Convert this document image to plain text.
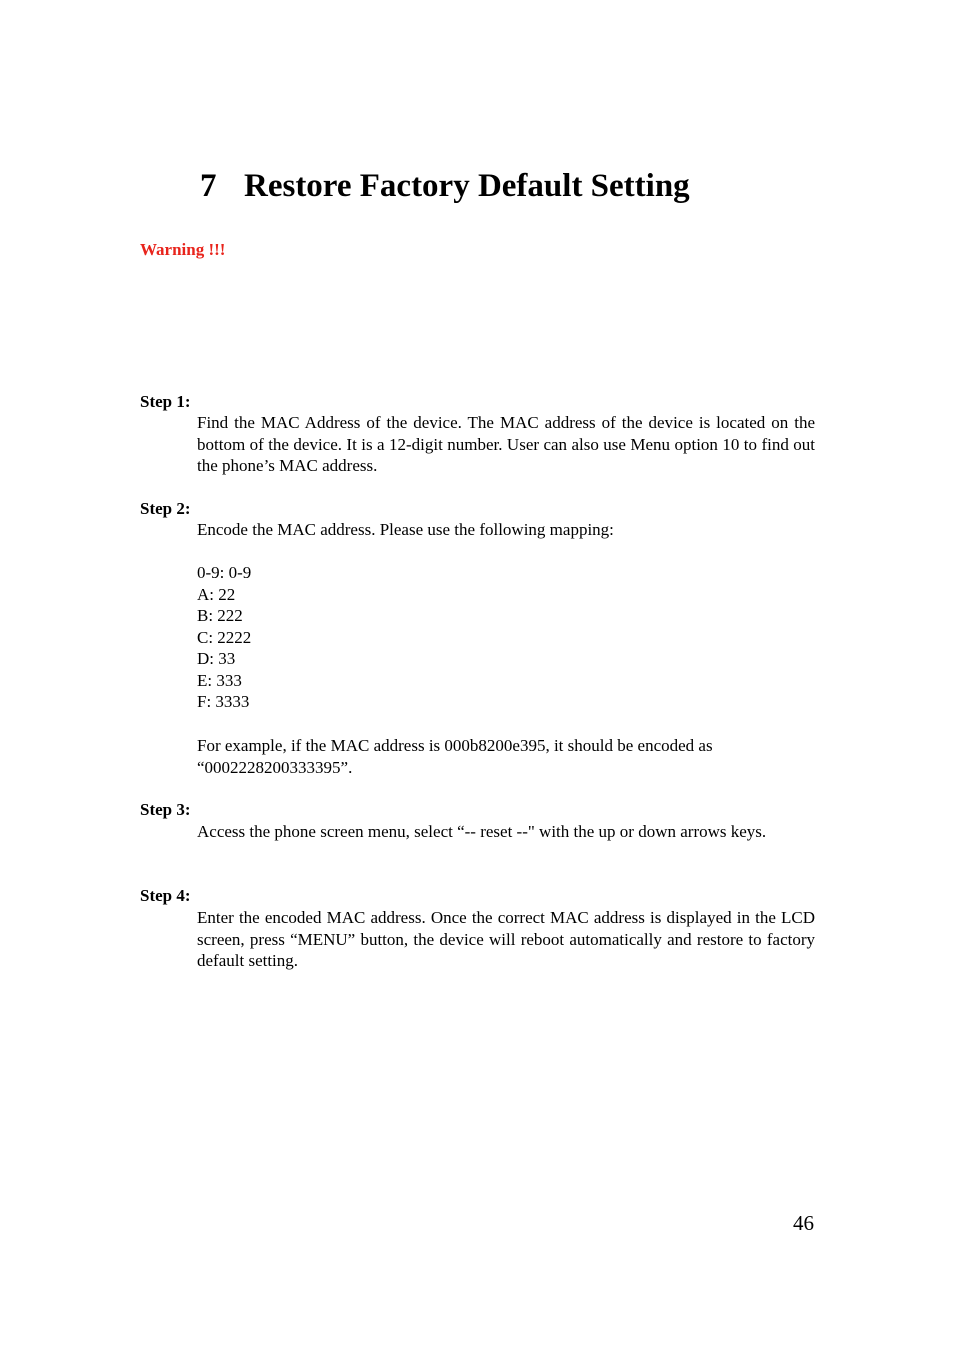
7 Restore Factory Default Setting
Warning !!!
Step 1:
Find the MAC Address of the device. The MAC address of the device is located on the bottom of the device. It is a 12-digit number. User can also use Menu option 10 to find out the phone’s MAC address.
Step 2:
Encode the MAC address. Please use the following mapping:
0-9: 0-9
A: 22
B: 222
C: 2222
D: 33
E: 333
F: 3333
For example, if the MAC address is 000b8200e395, it should be encoded as
“0002228200333395”.
Step 3:
Access the phone screen menu, select “-- reset --" with the up or down arrows keys.
Step 4:
Enter the encoded MAC address. Once the correct MAC address is displayed in the LCD screen, press “MENU” button, the device will reboot automatically and restore to factory default setting.
46
